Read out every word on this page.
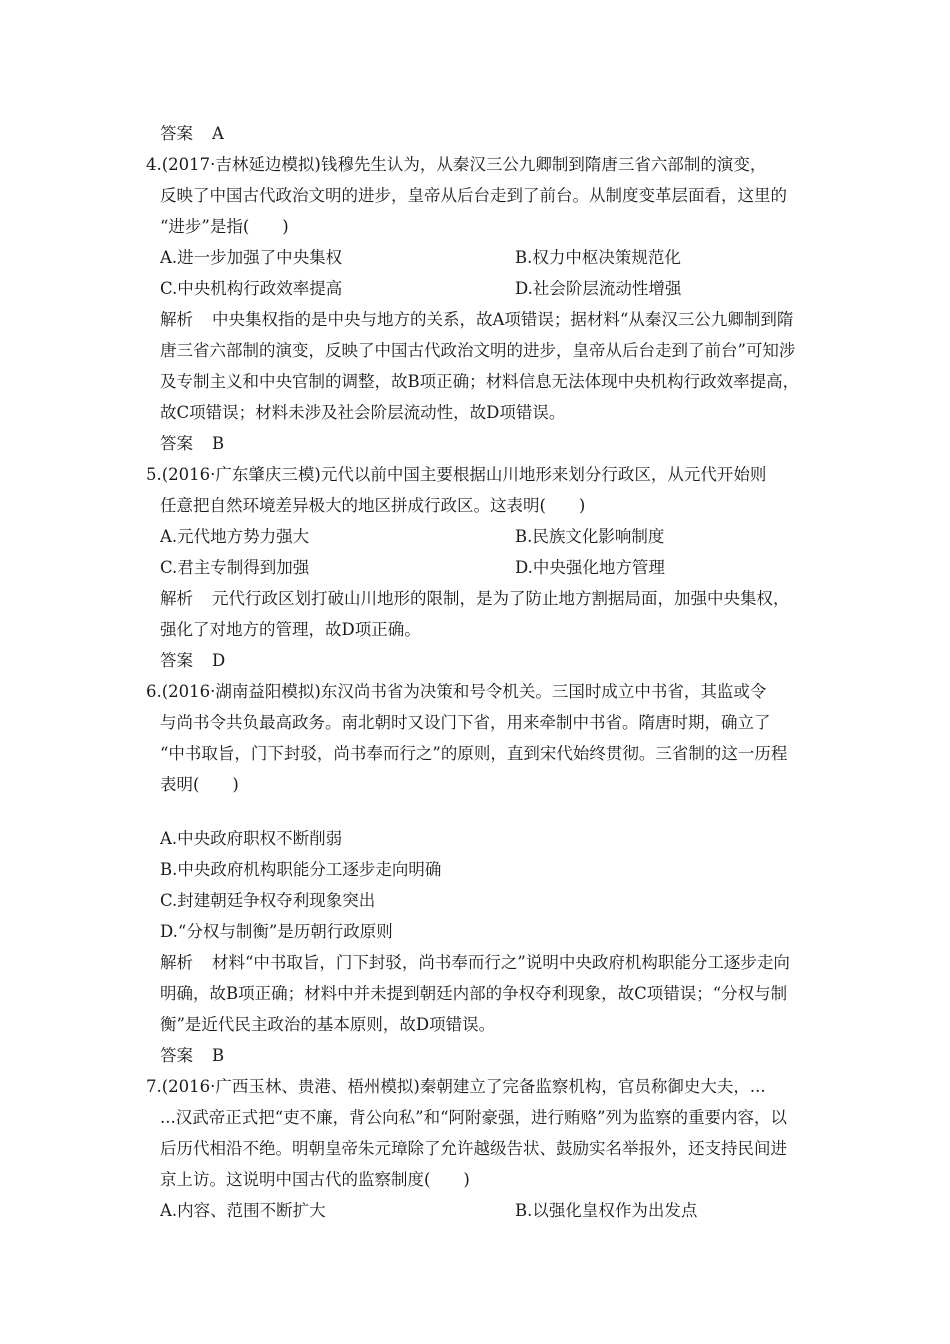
答案 A
4.(2017·吉林延边模拟)钱穆先生认为，从秦汉三公九卿制到隋唐三省六部制的演变，
反映了中国古代政治文明的进步，皇帝从后台走到了前台。从制度变革层面看，这里的
“进步”是指(　　)
A.进一步加强了中央集权	B.权力中枢决策规范化
C.中央机构行政效率提高	D.社会阶层流动性增强
解析 中央集权指的是中央与地方的关系，故A项错误；据材料“从秦汉三公九卿制到隋
唐三省六部制的演变，反映了中国古代政治文明的进步，皇帝从后台走到了前台”可知涉
及专制主义和中央官制的调整，故B项正确；材料信息无法体现中央机构行政效率提高，
故C项错误；材料未涉及社会阶层流动性，故D项错误。
答案 B
5.(2016·广东肇庆三模)元代以前中国主要根据山川地形来划分行政区，从元代开始则
任意把自然环境差异极大的地区拼成行政区。这表明(　　)
A.元代地方势力强大	B.民族文化影响制度
C.君主专制得到加强	D.中央强化地方管理
解析 元代行政区划打破山川地形的限制，是为了防止地方割据局面，加强中央集权，
强化了对地方的管理，故D项正确。
答案 D
6.(2016·湖南益阳模拟)东汉尚书省为决策和号令机关。三国时成立中书省，其监或令
与尚书令共负最高政务。南北朝时又设门下省，用来牵制中书省。隋唐时期，确立了
“中书取旨，门下封驳，尚书奉而行之”的原则，直到宋代始终贯彻。三省制的这一历程
表明(　　)
A.中央政府职权不断削弱
B.中央政府机构职能分工逐步走向明确
C.封建朝廷争权夺利现象突出
D.“分权与制衡”是历朝行政原则
解析 材料“中书取旨，门下封驳，尚书奉而行之”说明中央政府机构职能分工逐步走向
明确，故B项正确；材料中并未提到朝廷内部的争权夺利现象，故C项错误；“分权与制
衡”是近代民主政治的基本原则，故D项错误。
答案 B
7.(2016·广西玉林、贵港、梧州模拟)秦朝建立了完备监察机构，官员称御史大夫，...
...汉武帝正式把“吏不廉，背公向私”和“阿附豪强，进行贿赂”列为监察的重要内容，以
后历代相沿不绝。明朝皇帝朱元璋除了允许越级告状、鼓励实名举报外，还支持民间进
京上访。这说明中国古代的监察制度(　　)
A.内容、范围不断扩大	B.以强化皇权作为出发点
